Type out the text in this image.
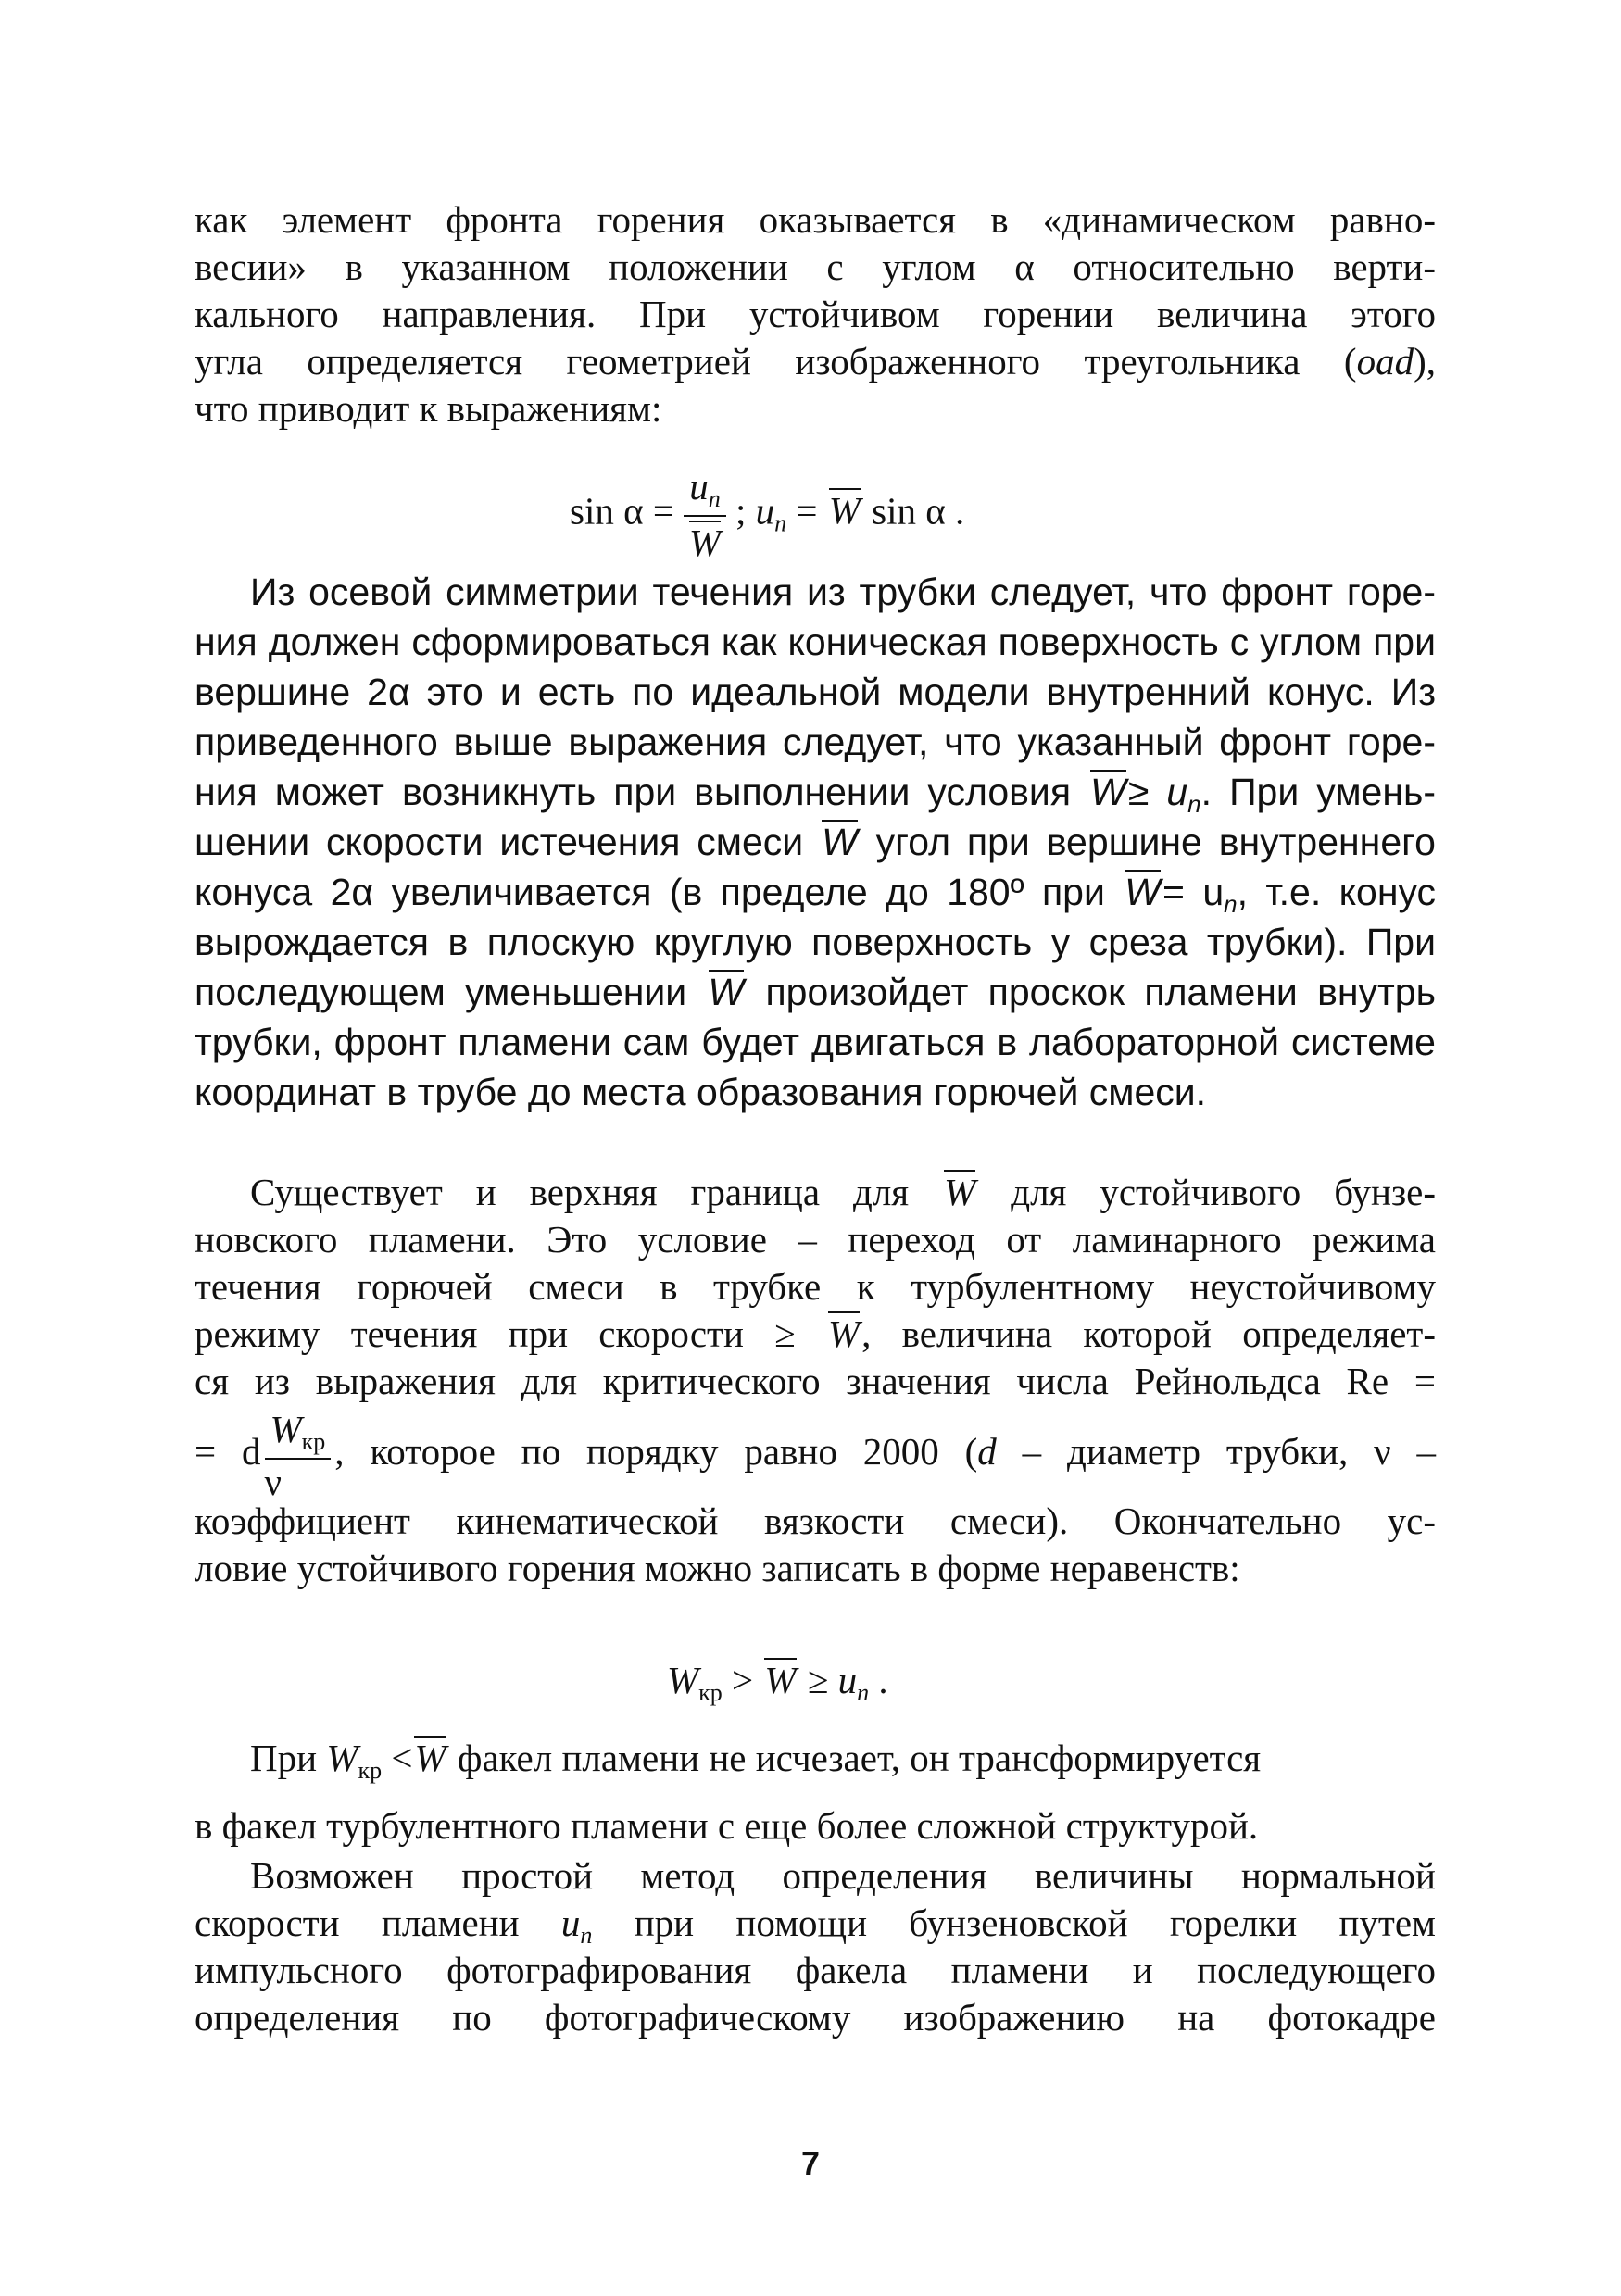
как элемент фронта горения оказывается в «динамическом равно-
весии» в указанном положении с углом α относительно верти-
кального направления. При устойчивом горении величина этого
угла определяется геометрией изображенного треугольника (oad),
что приводит к выражениям:
$\sin \alpha = \frac{u_n}{W}$ ; $u_n = W$ sin α .
Из осевой симметрии течения из трубки следует, что фронт горе-
ния должен сформироваться как коническая поверхность с углом при
вершине 2α это и есть по идеальной модели внутренний конус. Из
приведенного выше выражения следует, что указанный фронт горе-
ния может возникнуть при выполнении условия $W\ge u_n$. При умень-
шении скорости истечения смеси W угол при вершине внутреннего
конуса 2α увеличивается (в пределе до 180º при $W= u_n$, т.е. конус
вырождается в плоскую круглую поверхность у среза трубки). При
последующем уменьшении W произойдет проскок пламени внутрь
трубки, фронт пламени сам будет двигаться в лабораторной системе
координат в трубе до места образования горючей смеси.
Существует и верхняя граница для W для устойчивого бунзе-
новского пламени. Это условие – переход от ламинарного режима
течения горючей смеси в трубке к турбулентному неустойчивому
режиму течения при скорости ≥ W, величина которой определяет-
ся из выражения для критического значения числа Рейнольдса Re =
= d $\frac{W_{кр}}{\nu}$ , которое по порядку равно 2000 (d – диаметр трубки, ν –
коэффициент кинематической вязкости смеси). Окончательно ус-
ловие устойчивого горения можно записать в форме неравенств:
$W_{кр} > W \ge u_n$ .
При $W_{кр} <W$ факел пламени не исчезает, он трансформируется
в факел турбулентного пламени с еще более сложной структурой.
Возможен простой метод определения величины нормальной
скорости пламени $u_n$ при помощи бунзеновской горелки путем
импульсного фотографирования факела пламени и последующего
определения по фотографическому изображению на фотокадре
7
